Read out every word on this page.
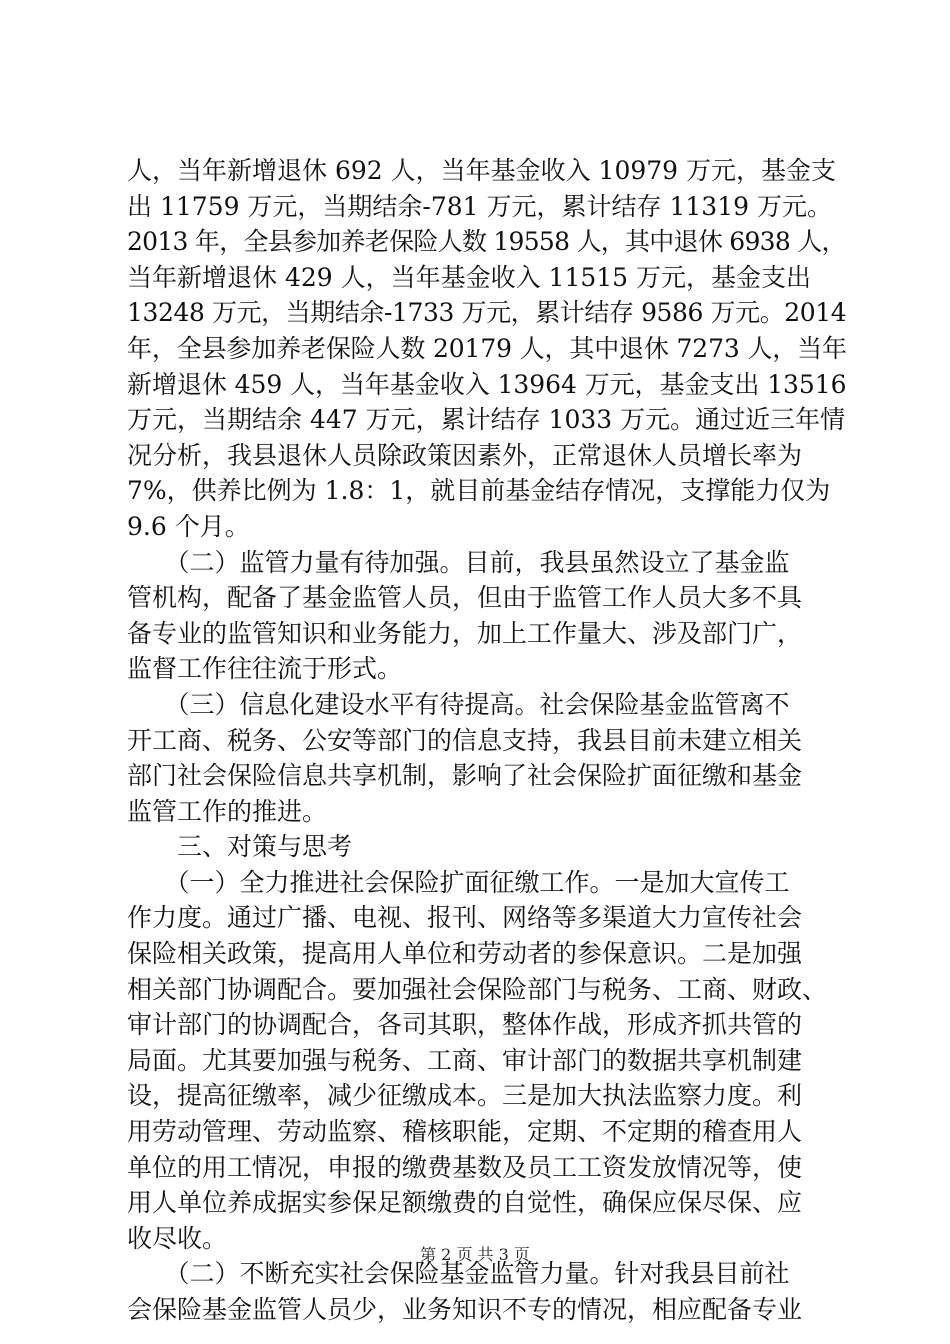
人，当年新增退休 692 人，当年基金收入 10979 万元，基金支
出 11759 万元，当期结余-781 万元，累计结存 11319 万元。
2013 年，全县参加养老保险人数 19558 人，其中退休 6938 人，
当年新增退休 429 人，当年基金收入 11515 万元，基金支出
13248 万元，当期结余-1733 万元，累计结存 9586 万元。2014
年，全县参加养老保险人数 20179 人，其中退休 7273 人，当年
新增退休 459 人，当年基金收入 13964 万元，基金支出 13516
万元，当期结余 447 万元，累计结存 1033 万元。通过近三年情
况分析，我县退休人员除政策因素外，正常退休人员增长率为
7%，供养比例为 1.8：1，就目前基金结存情况，支撑能力仅为
9.6 个月。
　　（二）监管力量有待加强。目前，我县虽然设立了基金监
管机构，配备了基金监管人员，但由于监管工作人员大多不具
备专业的监管知识和业务能力，加上工作量大、涉及部门广，
监督工作往往流于形式。
　　（三）信息化建设水平有待提高。社会保险基金监管离不
开工商、税务、公安等部门的信息支持，我县目前未建立相关
部门社会保险信息共享机制，影响了社会保险扩面征缴和基金
监管工作的推进。
　　三、对策与思考
　　（一）全力推进社会保险扩面征缴工作。一是加大宣传工
作力度。通过广播、电视、报刊、网络等多渠道大力宣传社会
保险相关政策，提高用人单位和劳动者的参保意识。二是加强
相关部门协调配合。要加强社会保险部门与税务、工商、财政、
审计部门的协调配合，各司其职，整体作战，形成齐抓共管的
局面。尤其要加强与税务、工商、审计部门的数据共享机制建
设，提高征缴率，减少征缴成本。三是加大执法监察力度。利
用劳动管理、劳动监察、稽核职能，定期、不定期的稽查用人
单位的用工情况，申报的缴费基数及员工工资发放情况等，使
用人单位养成据实参保足额缴费的自觉性，确保应保尽保、应
收尽收。
　　（二）不断充实社会保险基金监管力量。针对我县目前社
会保险基金监管人员少，业务知识不专的情况，相应配备专业
第 2 页 共 3 页
